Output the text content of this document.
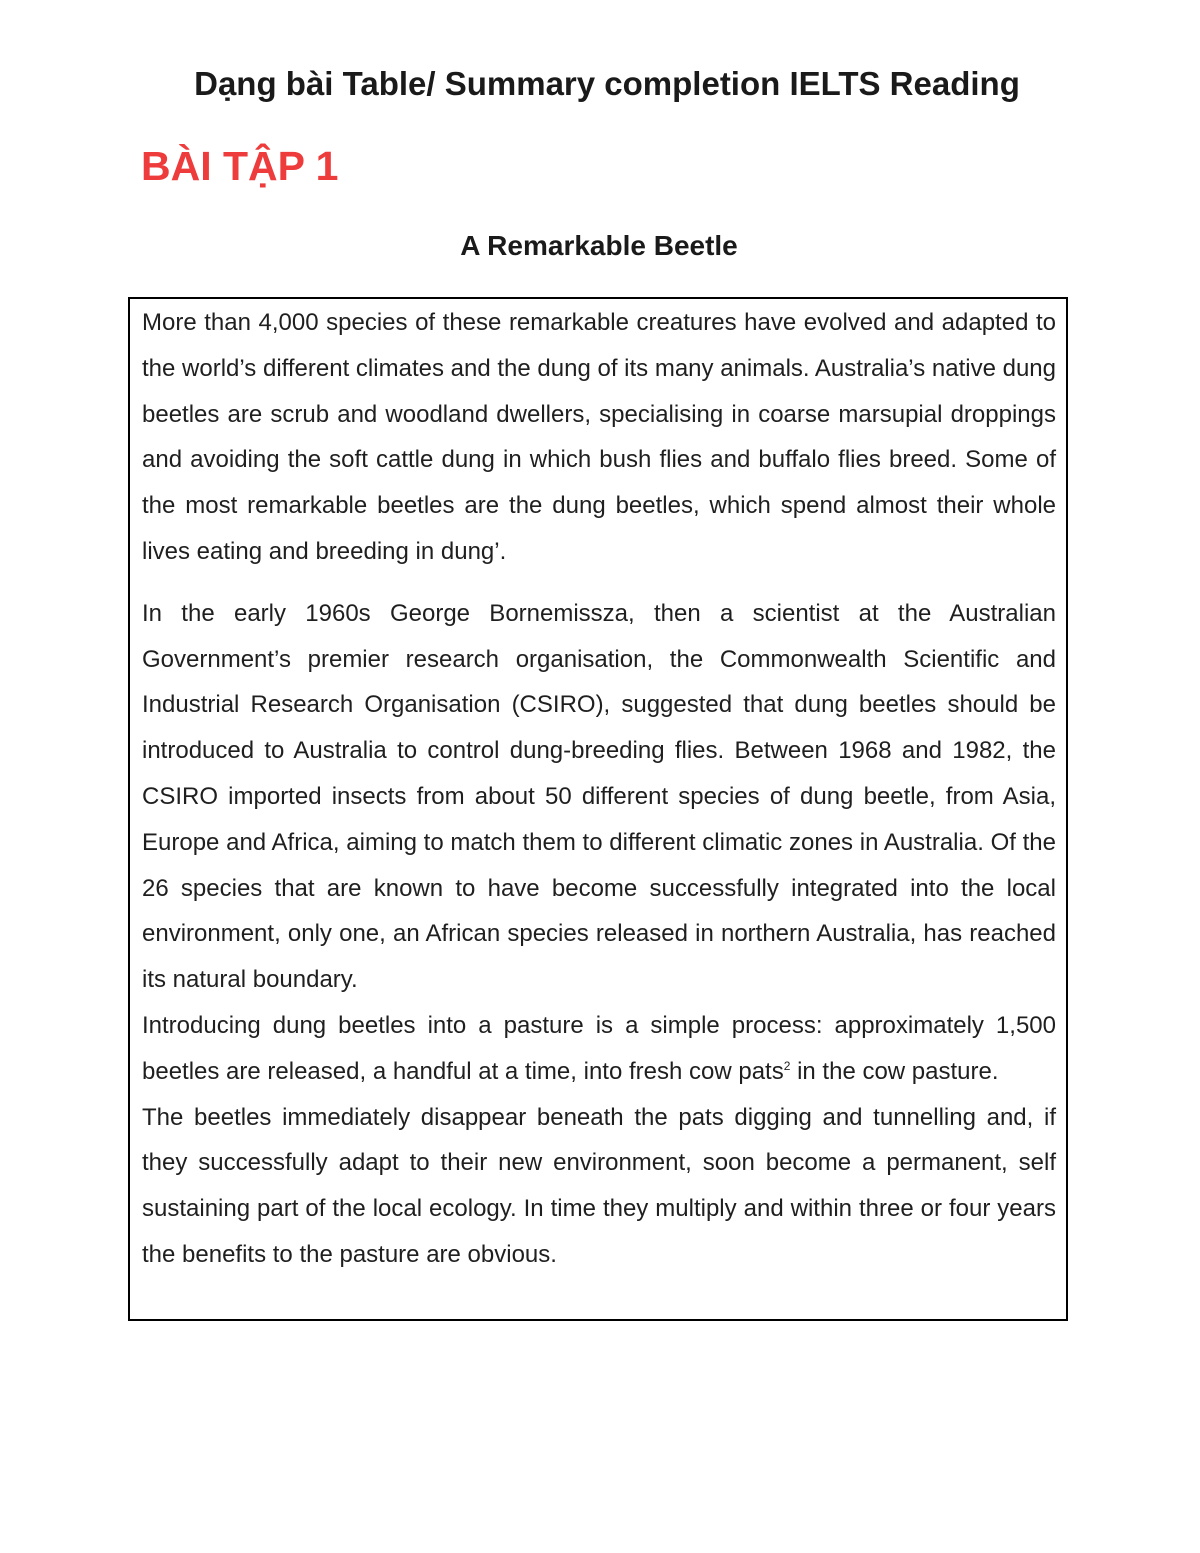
Dạng bài Table/ Summary completion IELTS Reading
BÀI TẬP 1
A Remarkable Beetle

More than 4,000 species of these remarkable creatures have evolved and adapted to the world’s different climates and the dung of its many animals. Australia’s native dung beetles are scrub and woodland dwellers, specialising in coarse marsupial droppings and avoiding the soft cattle dung in which bush flies and buffalo flies breed. Some of the most remarkable beetles are the dung beetles, which spend almost their whole lives eating and breeding in dung’.

In the early 1960s George Bornemissza, then a scientist at the Australian Government’s premier research organisation, the Commonwealth Scientific and Industrial Research Organisation (CSIRO), suggested that dung beetles should be introduced to Australia to control dung-breeding flies. Between 1968 and 1982, the CSIRO imported insects from about 50 different species of dung beetle, from Asia, Europe and Africa, aiming to match them to different climatic zones in Australia. Of the 26 species that are known to have become successfully integrated into the local environment, only one, an African species released in northern Australia, has reached its natural boundary.

Introducing dung beetles into a pasture is a simple process: approximately 1,500 beetles are released, a handful at a time, into fresh cow pats$^2$ in the cow pasture.

The beetles immediately disappear beneath the pats digging and tunnelling and, if they successfully adapt to their new environment, soon become a permanent, self sustaining part of the local ecology. In time they multiply and within three or four years the benefits to the pasture are obvious.
